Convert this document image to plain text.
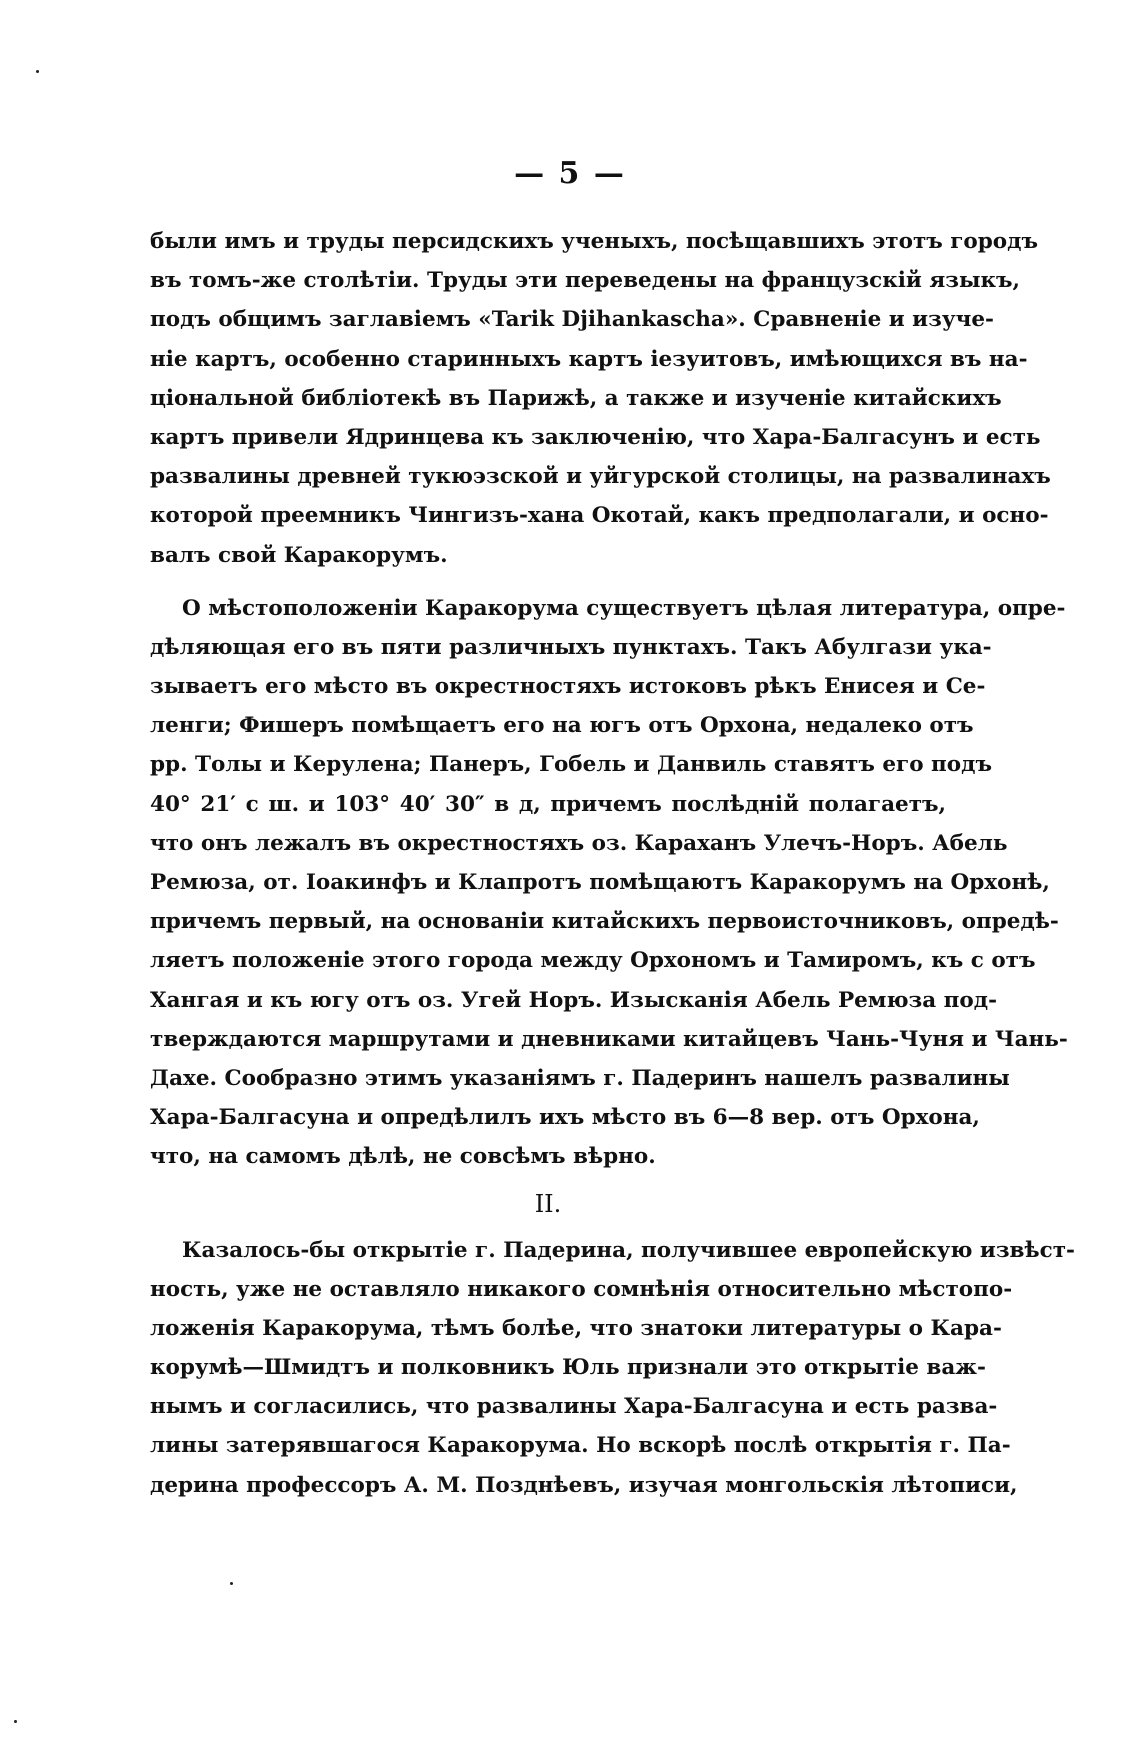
— 5 —
были имъ и труды персидскихъ ученыхъ, посѣщавшихъ этотъ городъ
въ томъ-же столѣтіи. Труды эти переведены на французскій языкъ,
подъ общимъ заглавіемъ «Tarik Djihankascha». Сравненіе и изуче-
ніе картъ, особенно старинныхъ картъ іезуитовъ, имѣющихся въ на-
ціональной библіотекѣ въ Парижѣ, а также и изученіе китайскихъ
картъ привели Ядринцева къ заключенію, что Хара-Балгасунъ и есть
развалины древней тукюэзской и уйгурской столицы, на развалинахъ
которой преемникъ Чингизъ-хана Окотай, какъ предполагали, и осно-
валъ свой Каракорумъ.
О мѣстоположеніи Каракорума существуетъ цѣлая литература, опре-
дѣляющая его въ пяти различныхъ пунктахъ. Такъ Абулгази ука-
зываетъ его мѣсто въ окрестностяхъ истоковъ рѣкъ Енисея и Се-
ленги; Фишеръ помѣщаетъ его на югъ отъ Орхона, недалеко отъ
рр. Толы и Керулена; Панеръ, Гобель и Данвиль ставятъ его подъ
40° 21′ с ш. и 103° 40′ 30″ в д, причемъ послѣдній полагаетъ,
что онъ лежалъ въ окрестностяхъ оз. Караханъ Улечъ-Норъ. Абель
Ремюза, от. Іоакинфъ и Клапротъ помѣщаютъ Каракорумъ на Орхонѣ,
причемъ первый, на основаніи китайскихъ первоисточниковъ, опредѣ-
ляетъ положеніе этого города между Орхономъ и Тамиромъ, къ с отъ
Хангая и къ югу отъ оз. Угей Норъ. Изысканія Абель Ремюза под-
тверждаются маршрутами и дневниками китайцевъ Чань-Чуня и Чань-
Дахе. Сообразно этимъ указаніямъ г. Падеринъ нашелъ развалины
Хара-Балгасуна и опредѣлилъ ихъ мѣсто въ 6—8 вер. отъ Орхона,
что, на самомъ дѣлѣ, не совсѣмъ вѣрно.
II.
Казалось-бы открытіе г. Падерина, получившее европейскую извѣст-
ность, уже не оставляло никакого сомнѣнія относительно мѣстопо-
ложенія Каракорума, тѣмъ болѣе, что знатоки литературы о Кара-
корумѣ—Шмидтъ и полковникъ Юль признали это открытіе важ-
нымъ и согласились, что развалины Хара-Балгасуна и есть разва-
лины затерявшагося Каракорума. Но вскорѣ послѣ открытія г. Па-
дерина профессоръ А. М. Позднѣевъ, изучая монгольскія лѣтописи,
